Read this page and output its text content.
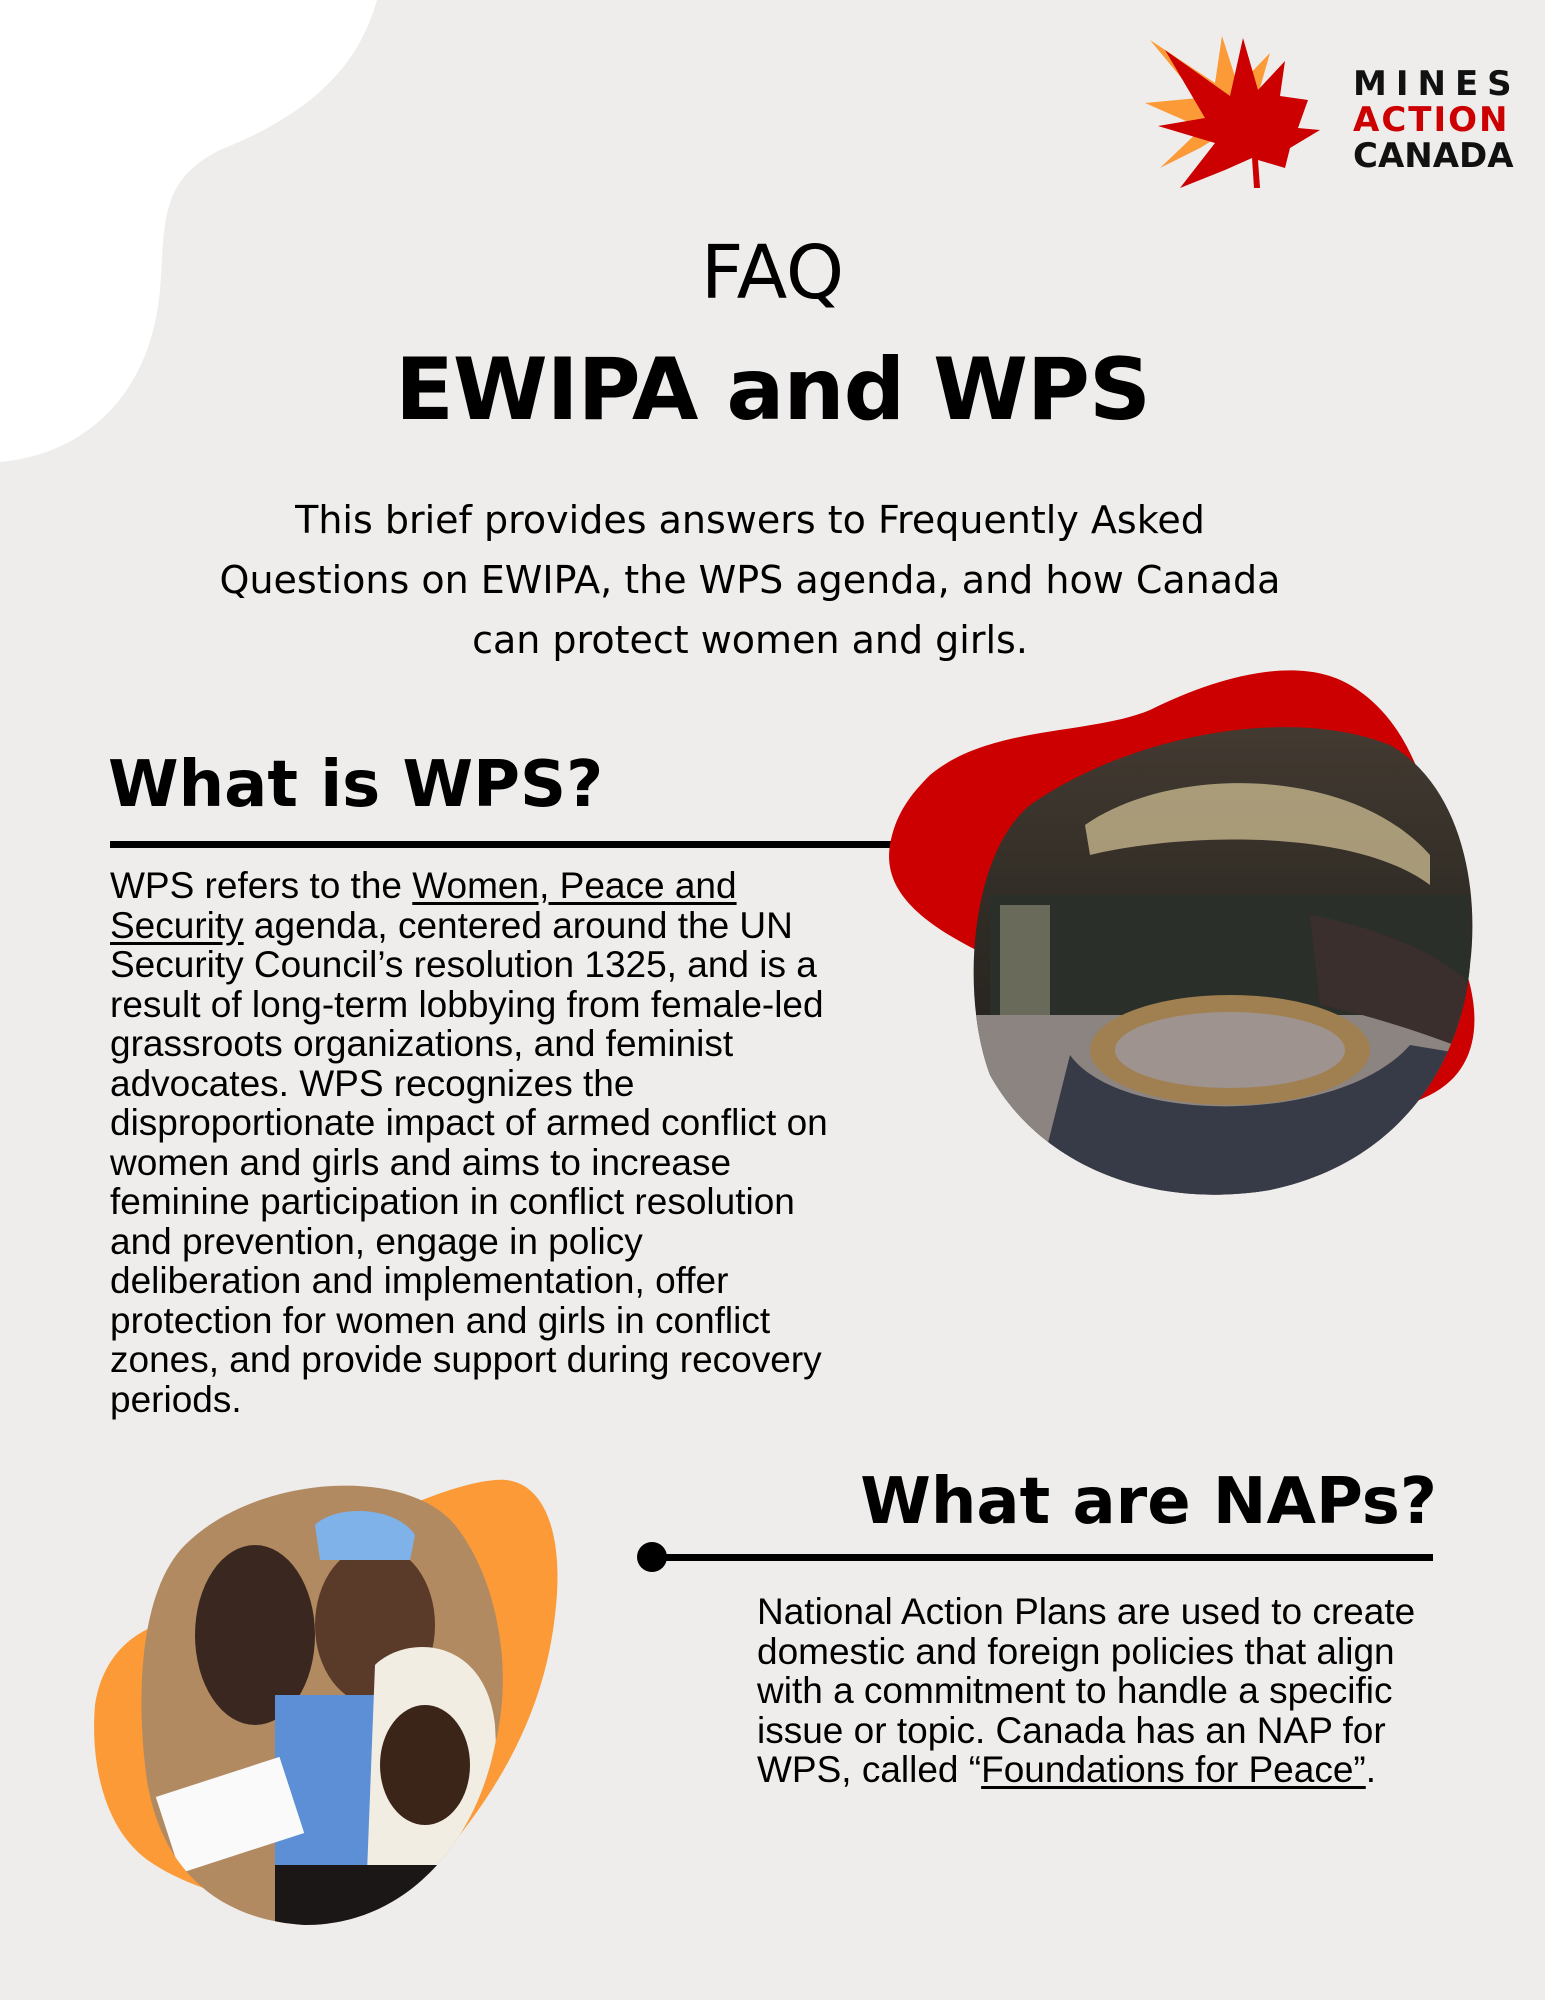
MINES
ACTION
CANADA
FAQ
EWIPA and WPS
This brief provides answers to Frequently Asked Questions on EWIPA, the WPS agenda, and how Canada can protect women and girls.
What is WPS?
WPS refers to the Women, Peace and Security agenda, centered around the UN Security Council’s resolution 1325, and is a result of long-term lobbying from female-led grassroots organizations, and feminist advocates. WPS recognizes the disproportionate impact of armed conflict on women and girls and aims to increase feminine participation in conflict resolution and prevention, engage in policy deliberation and implementation, offer protection for women and girls in conflict zones, and provide support during recovery periods.
What are NAPs?
National Action Plans are used to create domestic and foreign policies that align with a commitment to handle a specific issue or topic. Canada has an NAP for WPS, called “Foundations for Peace”.
